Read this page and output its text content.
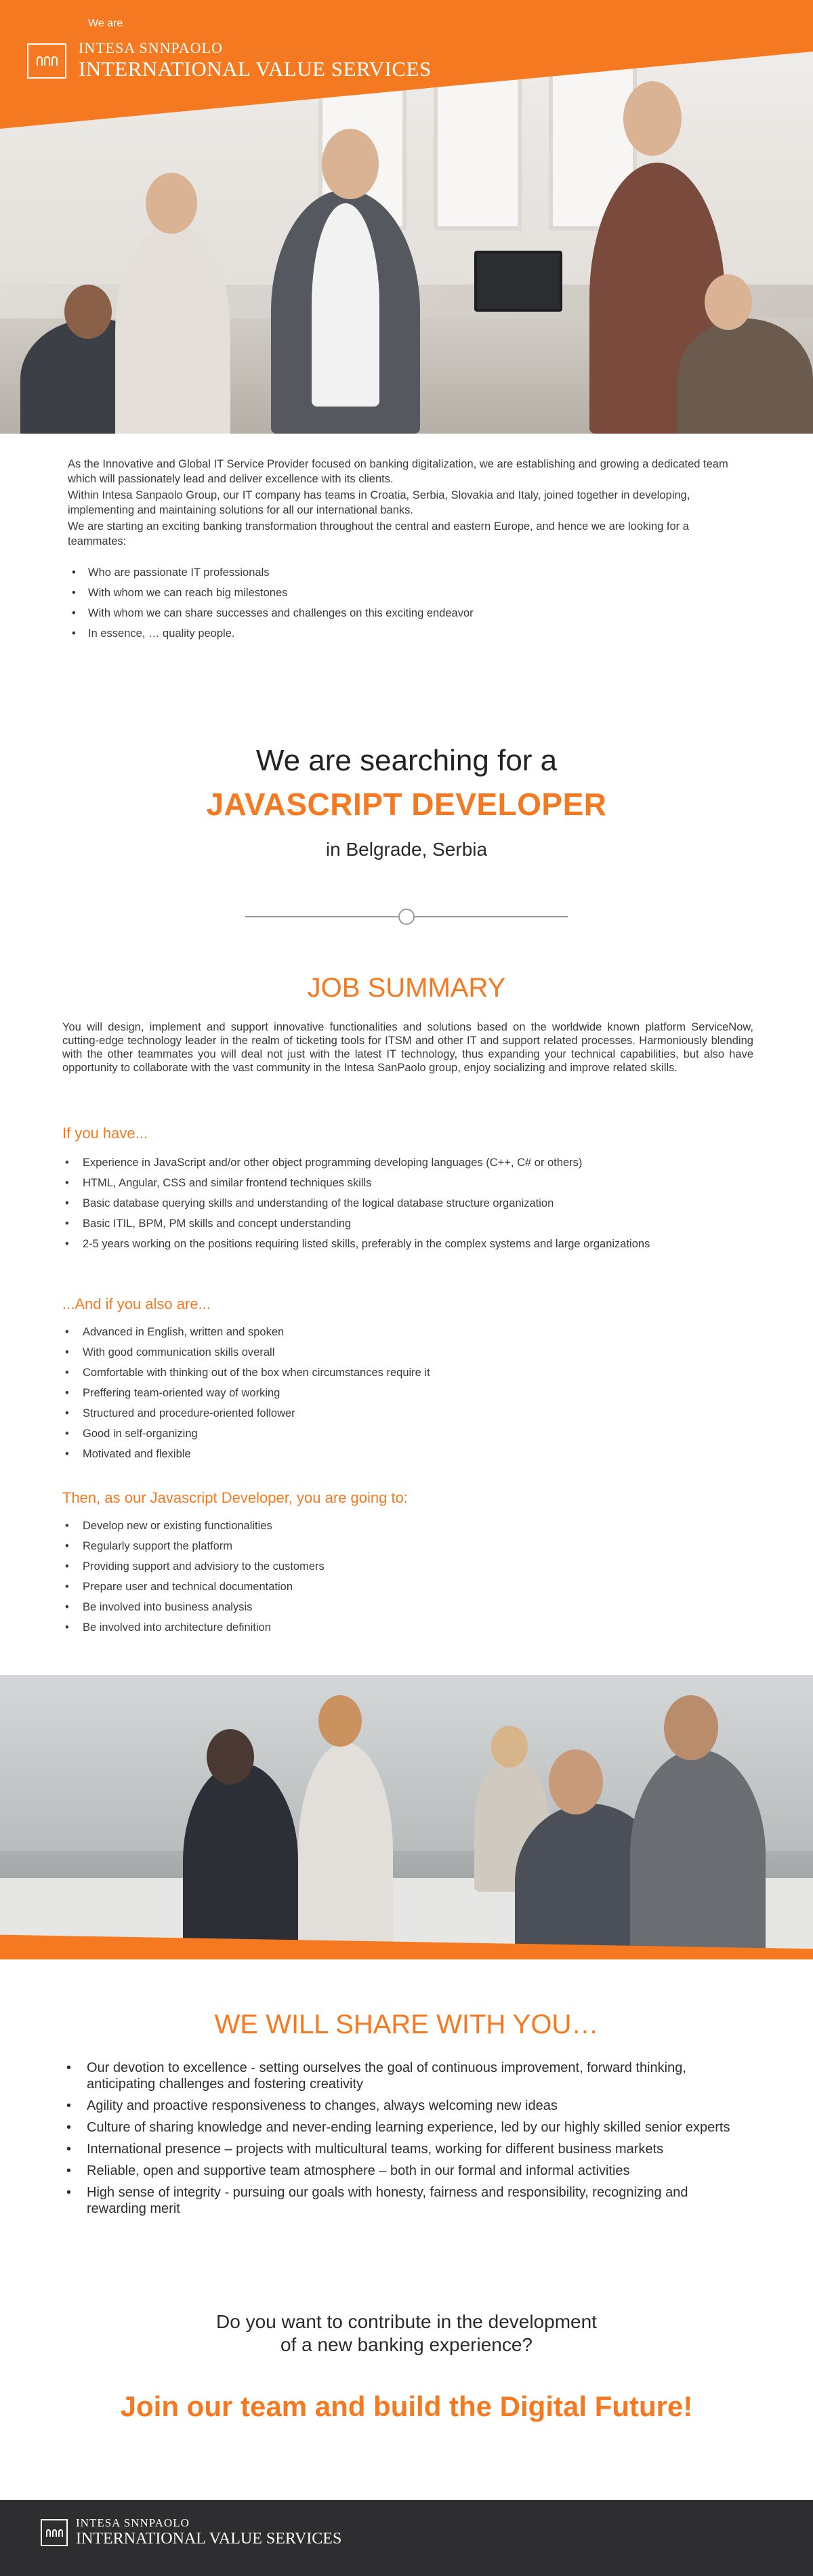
We are
INTESA SNNPAOLO
INTERNATIONAL VALUE SERVICES

As the Innovative and Global IT Service Provider focused on banking digitalization, we are establishing and growing a dedicated team which will passionately lead and deliver excellence with its clients.

Within Intesa Sanpaolo Group, our IT company has teams in Croatia, Serbia, Slovakia and Italy, joined together in developing, implementing and maintaining solutions for all our international banks.

We are starting an exciting banking transformation throughout the central and eastern Europe, and hence we are looking for a teammates:

• Who are passionate IT professionals
• With whom we can reach big milestones
• With whom we can share successes and challenges on this exciting endeavor
• In essence, … quality people.
We are searching for a
JAVASCRIPT DEVELOPER
in Belgrade, Serbia
JOB SUMMARY
You will design, implement and support innovative functionalities and solutions based on the worldwide known platform ServiceNow, cutting-edge technology leader in the realm of ticketing tools for ITSM and other IT and support related processes. Harmoniously blending with the other teammates you will deal not just with the latest IT technology, thus expanding your technical capabilities, but also have opportunity to collaborate with the vast community in the Intesa SanPaolo group, enjoy socializing and improve related skills.
If you have...
• Experience in JavaScript and/or other object programming developing languages (C++, C# or others)
• HTML, Angular, CSS and similar frontend techniques skills
• Basic database querying skills and understanding of the logical database structure organization
• Basic ITIL, BPM, PM skills and concept understanding
• 2-5 years working on the positions requiring listed skills, preferably in the complex systems and large organizations
...And if you also are...
• Advanced in English, written and spoken
• With good communication skills overall
• Comfortable with thinking out of the box when circumstances require it
• Preffering team-oriented way of working
• Structured and procedure-oriented follower
• Good in self-organizing
• Motivated and flexible
Then, as our Javascript Developer, you are going to:
• Develop new or existing functionalities
• Regularly support the platform
• Providing support and advisiory to the customers
• Prepare user and technical documentation
• Be involved into business analysis
• Be involved into architecture definition
WE WILL SHARE WITH YOU…
• Our devotion to excellence - setting ourselves the goal of continuous improvement, forward thinking, anticipating challenges and fostering creativity
• Agility and proactive responsiveness to changes, always welcoming new ideas
• Culture of sharing knowledge and never-ending learning experience, led by our highly skilled senior experts
• International presence – projects with multicultural teams, working for different business markets
• Reliable, open and supportive team atmosphere – both in our formal and informal activities
• High sense of integrity - pursuing our goals with honesty, fairness and responsibility, recognizing and rewarding merit
Do you want to contribute in the development
of a new banking experience?
Join our team and build the Digital Future!
INTESA SNNPAOLO
INTERNATIONAL VALUE SERVICES
